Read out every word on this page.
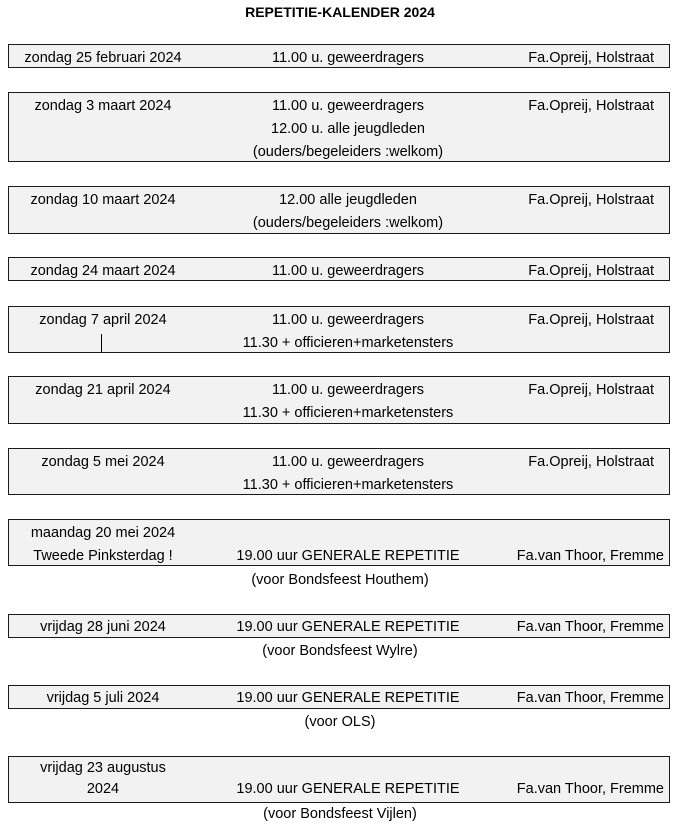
REPETITIE-KALENDER 2024
zondag 25 februari 2024	11.00 u. geweerdragers	Fa.Opreij, Holstraat
zondag 3 maart 2024	11.00 u. geweerdragers	Fa.Opreij, Holstraat
12.00 u. alle jeugdleden
(ouders/begeleiders :welkom)
zondag 10 maart 2024	12.00 alle jeugdleden	Fa.Opreij, Holstraat
(ouders/begeleiders :welkom)
zondag 24 maart 2024	11.00 u. geweerdragers	Fa.Opreij, Holstraat
zondag 7 april 2024	11.00 u. geweerdragers	Fa.Opreij, Holstraat
11.30 + officieren+marketensters
zondag 21 april 2024	11.00 u. geweerdragers	Fa.Opreij, Holstraat
11.30 + officieren+marketensters
zondag 5 mei 2024	11.00 u. geweerdragers	Fa.Opreij, Holstraat
11.30 + officieren+marketensters
maandag 20 mei 2024
Tweede Pinksterdag !	19.00 uur GENERALE REPETITIE	Fa.van Thoor, Fremme
(voor Bondsfeest Houthem)
vrijdag 28 juni 2024	19.00 uur GENERALE REPETITIE	Fa.van Thoor, Fremme
(voor Bondsfeest Wylre)
vrijdag 5 juli 2024	19.00 uur GENERALE REPETITIE	Fa.van Thoor, Fremme
(voor OLS)
vrijdag 23 augustus
2024	19.00 uur GENERALE REPETITIE	Fa.van Thoor, Fremme
(voor Bondsfeest Vijlen)
